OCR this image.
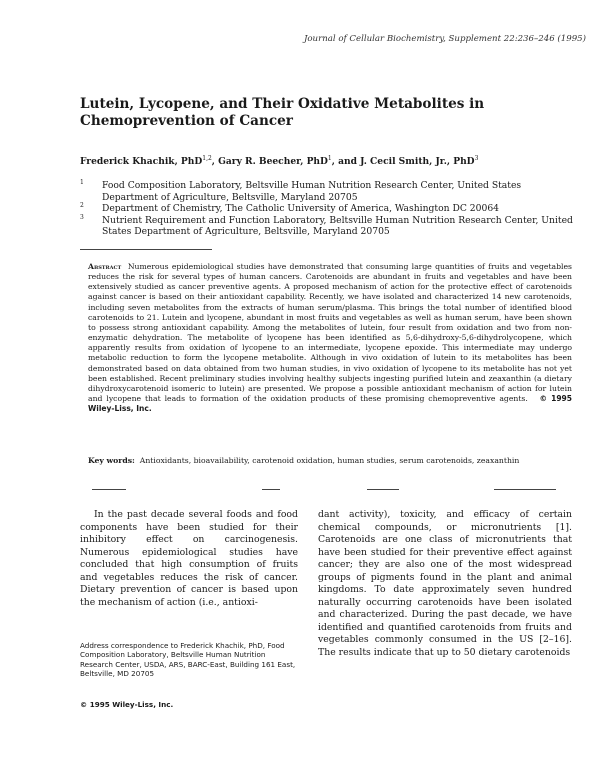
Journal of Cellular Biochemistry, Supplement 22:236–246 (1995)
Lutein, Lycopene, and Their Oxidative Metabolites in Chemoprevention of Cancer
Frederick Khachik, PhD$^{1,2}$, Gary R. Beecher, PhD$^1$, and J. Cecil Smith, Jr., PhD$^3$
1 Food Composition Laboratory, Beltsville Human Nutrition Research Center, United States Department of Agriculture, Beltsville, Maryland 20705
2 Department of Chemistry, The Catholic University of America, Washington DC 20064
3 Nutrient Requirement and Function Laboratory, Beltsville Human Nutrition Research Center, United States Department of Agriculture, Beltsville, Maryland 20705
Abstract Numerous epidemiological studies have demonstrated that consuming large quantities of fruits and vegetables reduces the risk for several types of human cancers. Carotenoids are abundant in fruits and vegetables and have been extensively studied as cancer preventive agents. A proposed mechanism of action for the protective effect of carotenoids against cancer is based on their antioxidant capability. Recently, we have isolated and characterized 14 new carotenoids, including seven metabolites from the extracts of human serum/plasma. This brings the total number of identified blood carotenoids to 21. Lutein and lycopene, abundant in most fruits and vegetables as well as human serum, have been shown to possess strong antioxidant capability. Among the metabolites of lutein, four result from oxidation and two from non-enzymatic dehydration. The metabolite of lycopene has been identified as 5,6-dihydroxy-5,6-dihydrolycopene, which apparently results from oxidation of lycopene to an intermediate, lycopene epoxide. This intermediate may undergo metabolic reduction to form the lycopene metabolite. Although in vivo oxidation of lutein to its metabolites has been demonstrated based on data obtained from two human studies, in vivo oxidation of lycopene to its metabolite has not yet been established. Recent preliminary studies involving healthy subjects ingesting purified lutein and zeaxanthin (a dietary dihydroxycarotenoid isomeric to lutein) are presented. We propose a possible antioxidant mechanism of action for lutein and lycopene that leads to formation of the oxidation products of these promising chemopreventive agents. © 1995 Wiley-Liss, Inc.
Key words: Antioxidants, bioavailability, carotenoid oxidation, human studies, serum carotenoids, zeaxanthin
In the past decade several foods and food components have been studied for their inhibitory effect on carcinogenesis. Numerous epidemiological studies have concluded that high consumption of fruits and vegetables reduces the risk of cancer. Dietary prevention of cancer is based upon the mechanism of action (i.e., antioxi-
dant activity), toxicity, and efficacy of certain chemical compounds, or micronutrients [1]. Carotenoids are one class of micronutrients that have been studied for their preventive effect against cancer; they are also one of the most widespread groups of pigments found in the plant and animal kingdoms. To date approximately seven hundred naturally occurring carotenoids have been isolated and characterized. During the past decade, we have identified and quantified carotenoids from fruits and vegetables commonly consumed in the US [2–16]. The results indicate that up to 50 dietary carotenoids
Address correspondence to Frederick Khachik, PhD, Food Composition Laboratory, Beltsville Human Nutrition Research Center, USDA, ARS, BARC-East, Building 161 East, Beltsville, MD 20705
© 1995 Wiley-Liss, Inc.
